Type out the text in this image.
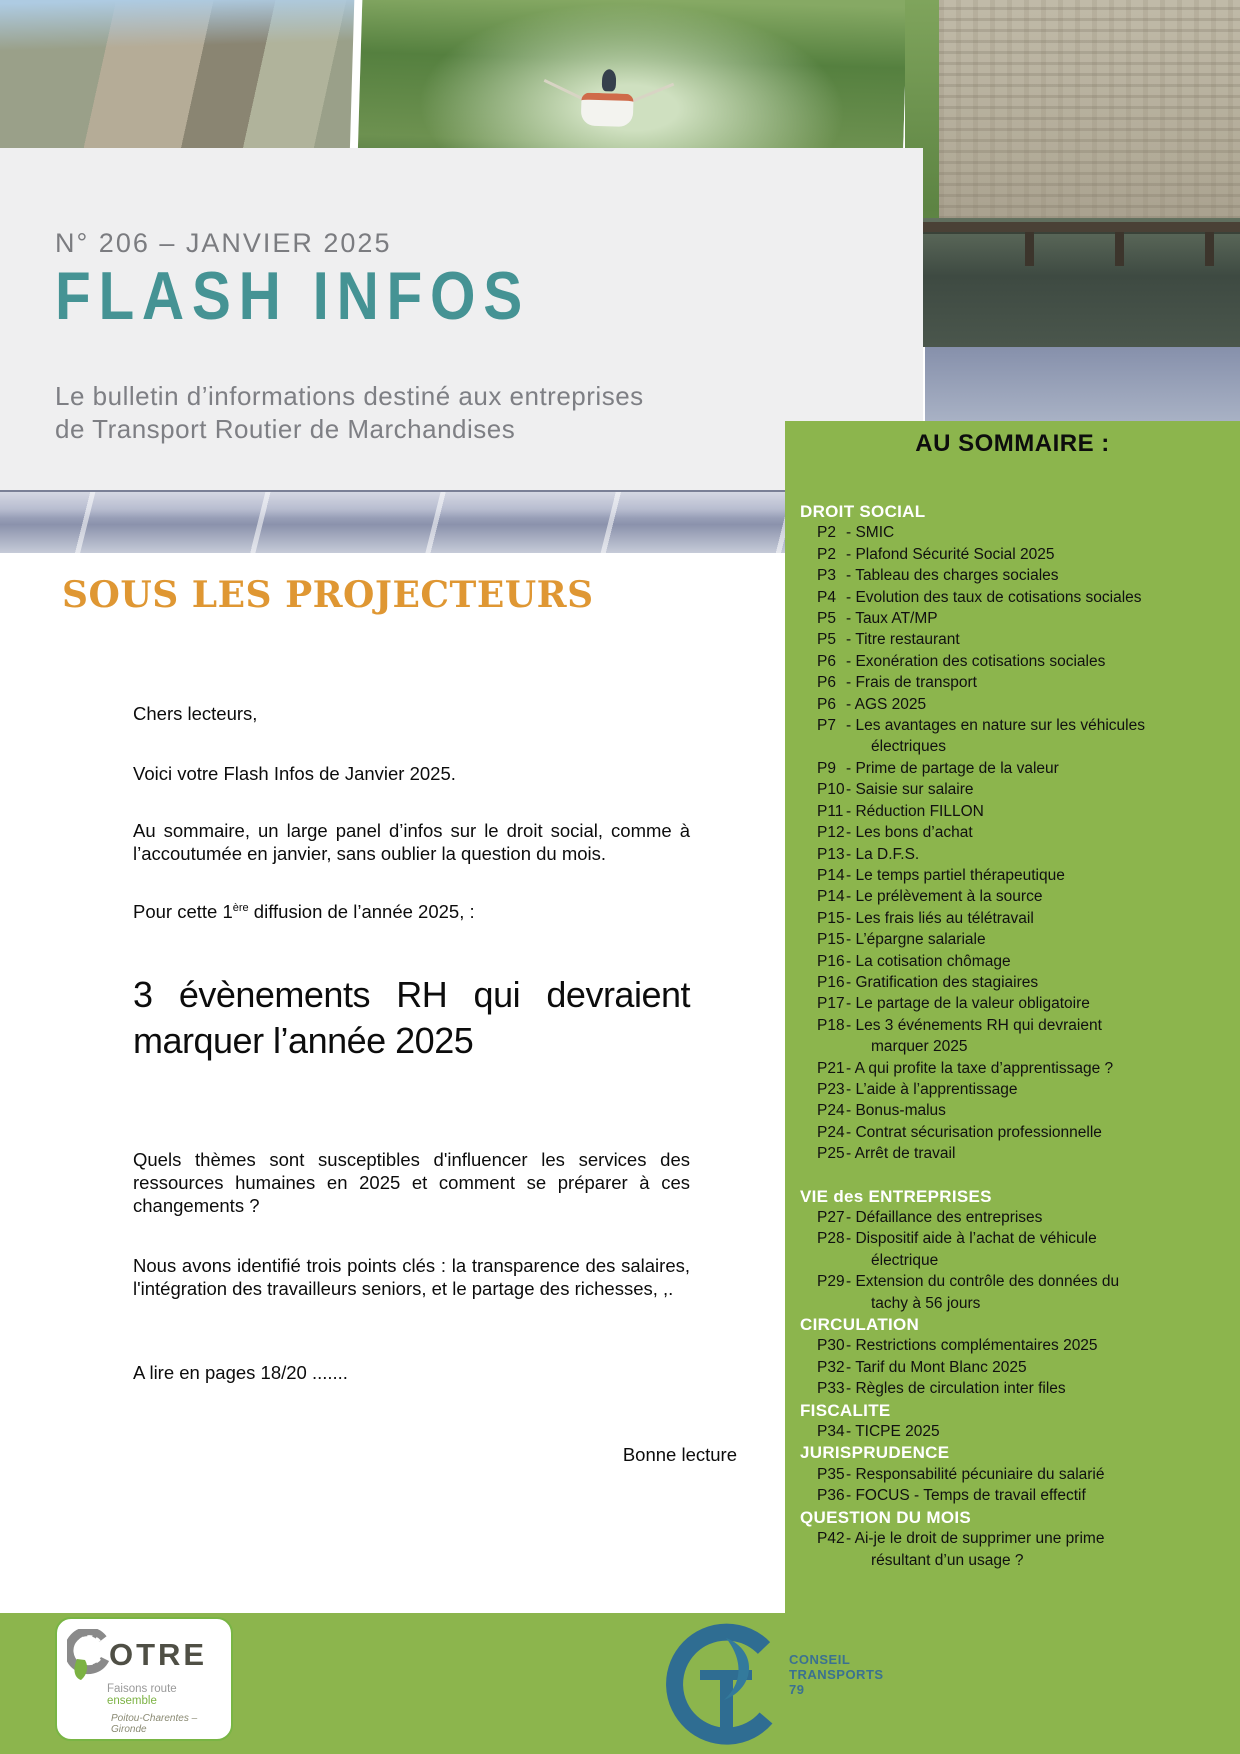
N° 206 – JANVIER 2025
FLASH INFOS
Le bulletin d’informations destiné aux entreprises
de Transport Routier de Marchandises	AU SOMMAIRE :
DROIT SOCIAL
P2 - SMIC
P2 - Plafond Sécurité Social 2025
P3 - Tableau des charges sociales
P4 - Evolution des taux de cotisations sociales
P5 - Taux AT/MP
P5 - Titre restaurant
P6 - Exonération des cotisations sociales
P6 - Frais de transport
P6 - AGS 2025
P7 - Les avantages en nature sur les véhicules
électriques
P9 - Prime de partage de la valeur
P10 - Saisie sur salaire
P11 - Réduction FILLON
P12 - Les bons d’achat
P13 - La D.F.S.
P14 - Le temps partiel thérapeutique
P14 - Le prélèvement à la source
P15 - Les frais liés au télétravail
P15 - L’épargne salariale
P16 - La cotisation chômage
P16 - Gratification des stagiaires
P17 - Le partage de la valeur obligatoire
P18 - Les 3 événements RH qui devraient
marquer 2025
P21 - A qui profite la taxe d’apprentissage ?
P23 - L’aide à l’apprentissage
P24 - Bonus-malus
P24 - Contrat sécurisation professionnelle
P25 - Arrêt de travail
VIE des ENTREPRISES
P27 - Défaillance des entreprises
P28 - Dispositif aide à l’achat de véhicule
électrique
P29 - Extension du contrôle des données du
tachy à 56 jours
CIRCULATION
P30 - Restrictions complémentaires 2025
P32 - Tarif du Mont Blanc 2025
P33 - Règles de circulation inter files
FISCALITE
P34 - TICPE 2025
JURISPRUDENCE
P35 - Responsabilité pécuniaire du salarié
P36 - FOCUS - Temps de travail effectif
QUESTION DU MOIS
P42 - Ai-je le droit de supprimer une prime
résultant d’un usage ?
SOUS LES PROJECTEURS

Chers lecteurs,

Voici votre Flash Infos de Janvier 2025.

Au sommaire, un large panel d’infos sur le droit social, comme à l’accoutumée en janvier, sans oublier la question du mois.

Pour cette 1ère diffusion de l’année 2025, :

3 évènements RH qui devraient marquer l’année 2025

Quels thèmes sont susceptibles d'influencer les services des ressources humaines en 2025 et comment se préparer à ces changements ?

Nous avons identifié trois points clés : la transparence des salaires, l'intégration des travailleurs seniors, et le partage des richesses, ,.

A lire en pages 18/20 .......

Bonne lecture

OTRE
Faisons route ensemble
Poitou-Charentes – Gironde
CONSEIL
TRANSPORTS
79
